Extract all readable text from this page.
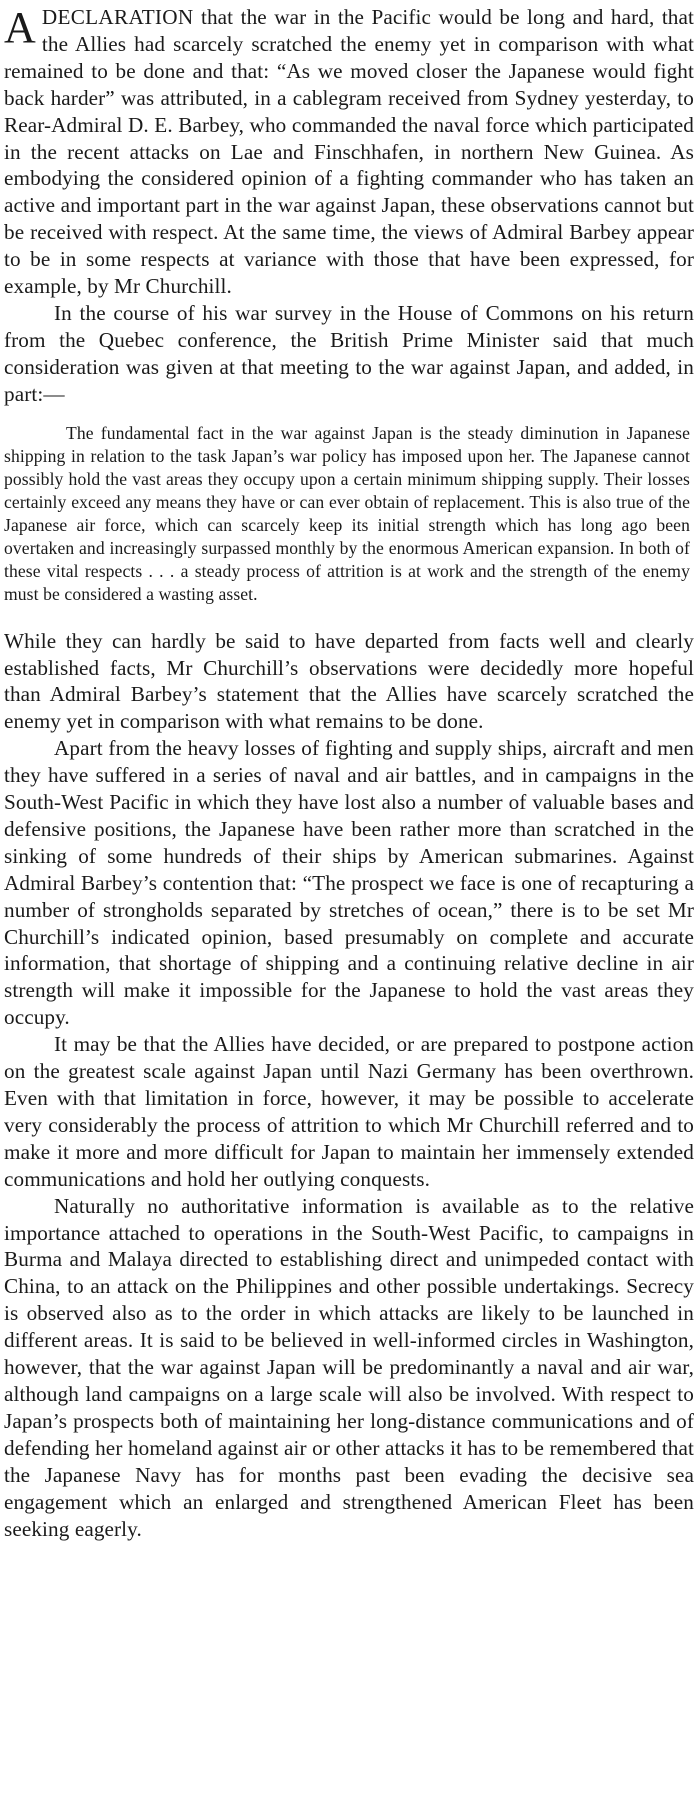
ADECLARATION that the war in the Pacific would be long and hard, that the Allies had scarcely scratched the enemy yet in comparison with what remained to be done and that: “As we moved closer the Japanese would fight back harder” was attributed, in a cablegram received from Sydney yesterday, to Rear-Admiral D. E. Barbey, who commanded the naval force which participated in the recent attacks on Lae and Finschhafen, in northern New Guinea. As embodying the considered opinion of a fighting commander who has taken an active and important part in the war against Japan, these observations cannot but be received with respect. At the same time, the views of Admiral Barbey appear to be in some respects at variance with those that have been expressed, for example, by Mr Churchill.

In the course of his war survey in the House of Commons on his return from the Quebec conference, the British Prime Minister said that much consideration was given at that meeting to the war against Japan, and added, in part:—

The fundamental fact in the war against Japan is the steady diminution in Japanese shipping in relation to the task Japan’s war policy has imposed upon her. The Japanese cannot possibly hold the vast areas they occupy upon a certain minimum shipping supply. Their losses certainly exceed any means they have or can ever obtain of replacement. This is also true of the Japanese air force, which can scarcely keep its initial strength which has long ago been overtaken and increasingly surpassed monthly by the enormous American expansion. In both of these vital respects . . . a steady process of attrition is at work and the strength of the enemy must be considered a wasting asset.

While they can hardly be said to have departed from facts well and clearly established facts, Mr Churchill’s observations were decidedly more hopeful than Admiral Barbey’s statement that the Allies have scarcely scratched the enemy yet in comparison with what remains to be done.

Apart from the heavy losses of fighting and supply ships, aircraft and men they have suffered in a series of naval and air battles, and in campaigns in the South-West Pacific in which they have lost also a number of valuable bases and defensive positions, the Japanese have been rather more than scratched in the sinking of some hundreds of their ships by American submarines. Against Admiral Barbey’s contention that: “The prospect we face is one of recapturing a number of strongholds separated by stretches of ocean,” there is to be set Mr Churchill’s indicated opinion, based presumably on complete and accurate information, that shortage of shipping and a continuing relative decline in air strength will make it impossible for the Japanese to hold the vast areas they occupy.

It may be that the Allies have decided, or are prepared to postpone action on the greatest scale against Japan until Nazi Germany has been overthrown. Even with that limitation in force, however, it may be possible to accelerate very considerably the process of attrition to which Mr Churchill referred and to make it more and more difficult for Japan to maintain her immensely extended communications and hold her outlying conquests.

Naturally no authoritative information is available as to the relative importance attached to operations in the South-West Pacific, to campaigns in Burma and Malaya directed to establishing direct and unimpeded contact with China, to an attack on the Philippines and other possible undertakings. Secrecy is observed also as to the order in which attacks are likely to be launched in different areas. It is said to be believed in well-informed circles in Washington, however, that the war against Japan will be predominantly a naval and air war, although land campaigns on a large scale will also be involved. With respect to Japan’s prospects both of maintaining her long-distance communications and of defending her homeland against air or other attacks it has to be remembered that the Japanese Navy has for months past been evading the decisive sea engagement which an enlarged and strengthened American Fleet has been seeking eagerly.
